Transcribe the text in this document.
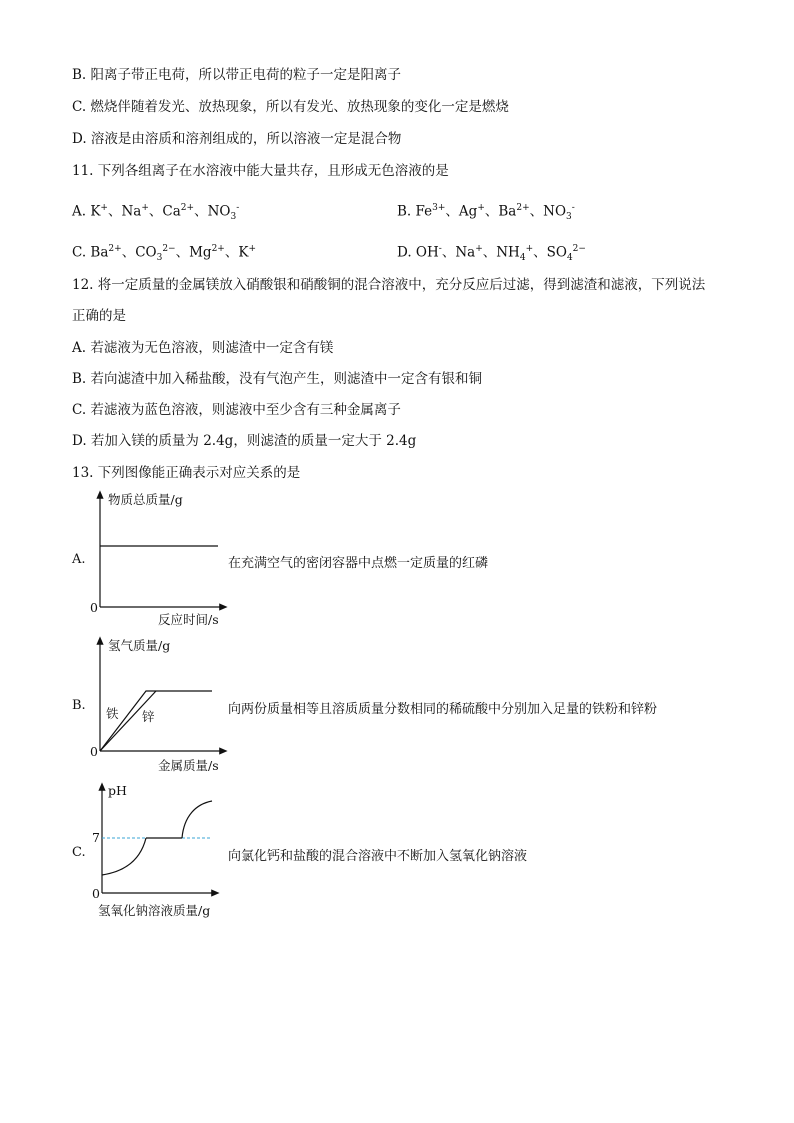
B. 阳离子带正电荷，所以带正电荷的粒子一定是阳离子
C. 燃烧伴随着发光、放热现象，所以有发光、放热现象的变化一定是燃烧
D. 溶液是由溶质和溶剂组成的，所以溶液一定是混合物
11. 下列各组离子在水溶液中能大量共存，且形成无色溶液的是
A. K+、Na+、$Ca^{2+}$、$NO_3^-$	B. $Fe^{3+}$、Ag+、$Ba^{2+}$、$NO_3^-$
C. $Ba^{2+}$、$CO_3^{2-}$、$Mg^{2+}$、K+	D. OH-、Na+、$NH_4^+$、$SO_4^{2-}$
12. 将一定质量的金属镁放入硝酸银和硝酸铜的混合溶液中，充分反应后过滤，得到滤渣和滤液，下列说法
正确的是
A. 若滤液为无色溶液，则滤渣中一定含有镁
B. 若向滤渣中加入稀盐酸，没有气泡产生，则滤渣中一定含有银和铜
C. 若滤液为蓝色溶液，则滤液中至少含有三种金属离子
D. 若加入镁的质量为 2.4g，则滤渣的质量一定大于 2.4g
13. 下列图像能正确表示对应关系的是
A.
物质总质量/g
0
反应时间/s
在充满空气的密闭容器中点燃一定质量的红磷
B.
氢气质量/g
铁 锌
0
金属质量/s
向两份质量相等且溶质质量分数相同的稀硫酸中分别加入足量的铁粉和锌粉
C.
pH
7
0
氢氧化钠溶液质量/g
向氯化钙和盐酸的混合溶液中不断加入氢氧化钠溶液
